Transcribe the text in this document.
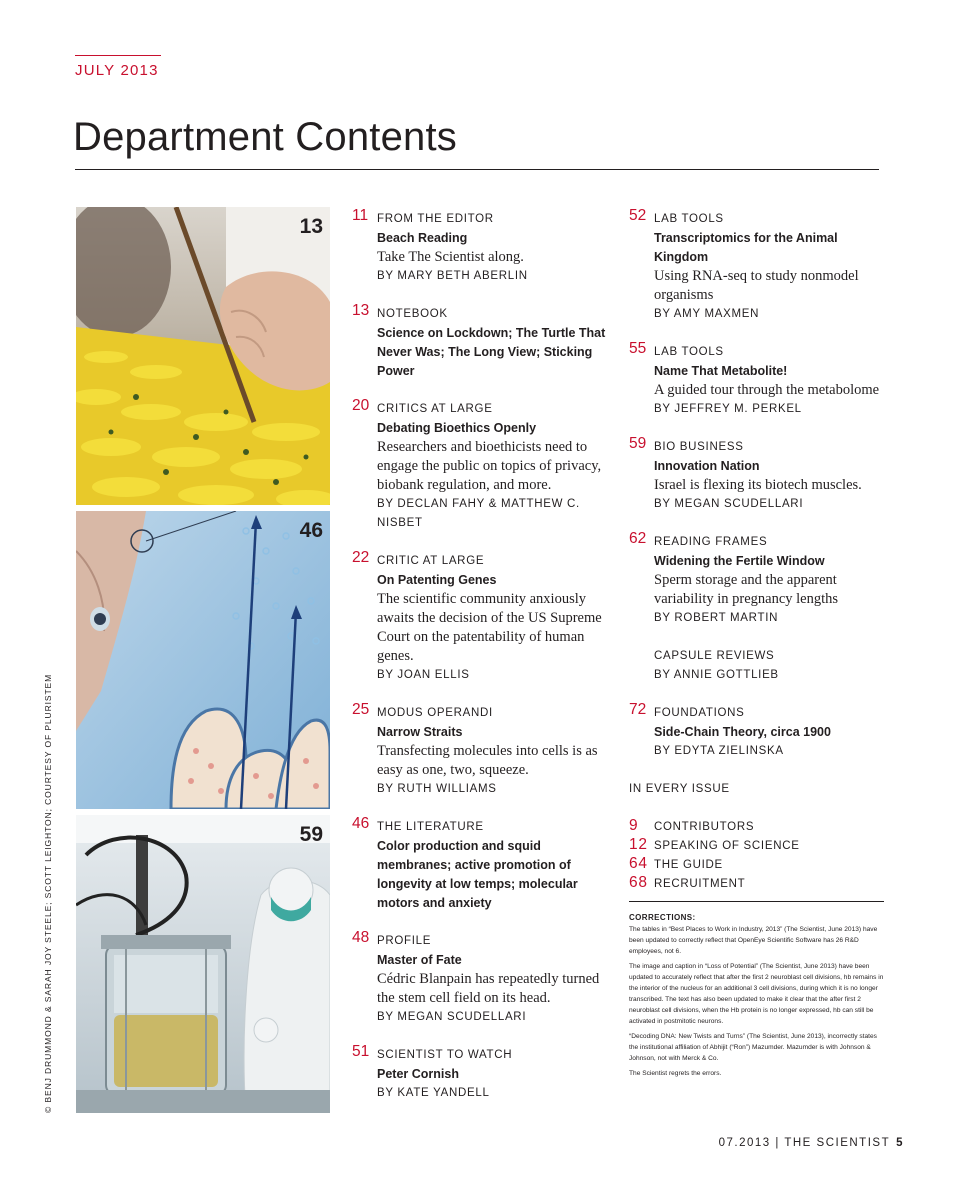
JULY 2013
Department Contents
© BENJ DRUMMOND & SARAH JOY STEELE; SCOTT LEIGHTON; COURTESY OF PLURISTEM
13
46
59
11 FROM THE EDITOR
Beach Reading
Take The Scientist along.
BY MARY BETH ABERLIN
13 NOTEBOOK
Science on Lockdown; The Turtle That Never Was; The Long View; Sticking Power
20 CRITICS AT LARGE
Debating Bioethics Openly
Researchers and bioethicists need to engage the public on topics of privacy, biobank regulation, and more.
BY DECLAN FAHY & MATTHEW C. NISBET
22 CRITIC AT LARGE
On Patenting Genes
The scientific community anxiously awaits the decision of the US Supreme Court on the patentability of human genes.
BY JOAN ELLIS
25 MODUS OPERANDI
Narrow Straits
Transfecting molecules into cells is as easy as one, two, squeeze.
BY RUTH WILLIAMS
46 THE LITERATURE
Color production and squid membranes; active promotion of longevity at low temps; molecular motors and anxiety
48 PROFILE
Master of Fate
Cédric Blanpain has repeatedly turned the stem cell field on its head.
BY MEGAN SCUDELLARI
51 SCIENTIST TO WATCH
Peter Cornish
BY KATE YANDELL
52 LAB TOOLS
Transcriptomics for the Animal Kingdom
Using RNA-seq to study nonmodel organisms
BY AMY MAXMEN
55 LAB TOOLS
Name That Metabolite!
A guided tour through the metabolome
BY JEFFREY M. PERKEL
59 BIO BUSINESS
Innovation Nation
Israel is flexing its biotech muscles.
BY MEGAN SCUDELLARI
62 READING FRAMES
Widening the Fertile Window
Sperm storage and the apparent variability in pregnancy lengths
BY ROBERT MARTIN
CAPSULE REVIEWS
BY ANNIE GOTTLIEB
72 FOUNDATIONS
Side-Chain Theory, circa 1900
BY EDYTA ZIELINSKA
IN EVERY ISSUE
9 CONTRIBUTORS
12 SPEAKING OF SCIENCE
64 THE GUIDE
68 RECRUITMENT
CORRECTIONS:

The tables in “Best Places to Work in Industry, 2013” (The Scientist, June 2013) have been updated to correctly reflect that OpenEye Scientific Software has 26 R&D employees, not 6.

The image and caption in “Loss of Potential” (The Scientist, June 2013) have been updated to accurately reflect that after the first 2 neuroblast cell divisions, hb remains in the interior of the nucleus for an additional 3 cell divisions, during which it is no longer transcribed. The text has also been updated to make it clear that the after first 2 neuroblast cell divisions, when the Hb protein is no longer expressed, hb can still be activated in postmitotic neurons.

“Decoding DNA: New Twists and Turns” (The Scientist, June 2013), incorrectly states the institutional affiliation of Abhijit (“Ron”) Mazumder. Mazumder is with Johnson & Johnson, not with Merck & Co.

The Scientist regrets the errors.

07.2013 | THE SCIENTIST 5
